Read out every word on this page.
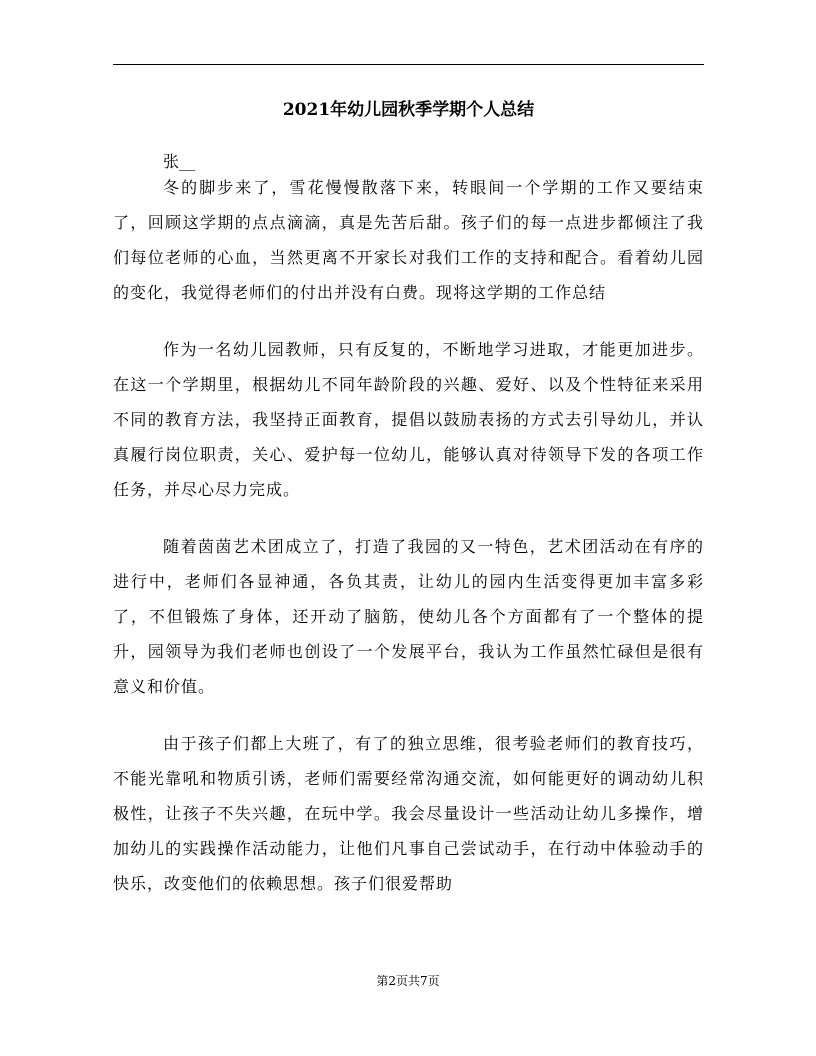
2021年幼儿园秋季学期个人总结

张__

冬的脚步来了，雪花慢慢散落下来，转眼间一个学期的工作又要结束了，回顾这学期的点点滴滴，真是先苦后甜。孩子们的每一点进步都倾注了我们每位老师的心血，当然更离不开家长对我们工作的支持和配合。看着幼儿园的变化，我觉得老师们的付出并没有白费。现将这学期的工作总结

作为一名幼儿园教师，只有反复的，不断地学习进取，才能更加进步。在这一个学期里，根据幼儿不同年龄阶段的兴趣、爱好、以及个性特征来采用不同的教育方法，我坚持正面教育，提倡以鼓励表扬的方式去引导幼儿，并认真履行岗位职责，关心、爱护每一位幼儿，能够认真对待领导下发的各项工作任务，并尽心尽力完成。

随着茵茵艺术团成立了，打造了我园的又一特色，艺术团活动在有序的进行中，老师们各显神通，各负其责，让幼儿的园内生活变得更加丰富多彩了，不但锻炼了身体，还开动了脑筋，使幼儿各个方面都有了一个整体的提升，园领导为我们老师也创设了一个发展平台，我认为工作虽然忙碌但是很有意义和价值。

由于孩子们都上大班了，有了的独立思维，很考验老师们的教育技巧，不能光靠吼和物质引诱，老师们需要经常沟通交流，如何能更好的调动幼儿积极性，让孩子不失兴趣，在玩中学。我会尽量设计一些活动让幼儿多操作，增加幼儿的实践操作活动能力，让他们凡事自己尝试动手，在行动中体验动手的快乐，改变他们的依赖思想。孩子们很爱帮助

第2页共7页
